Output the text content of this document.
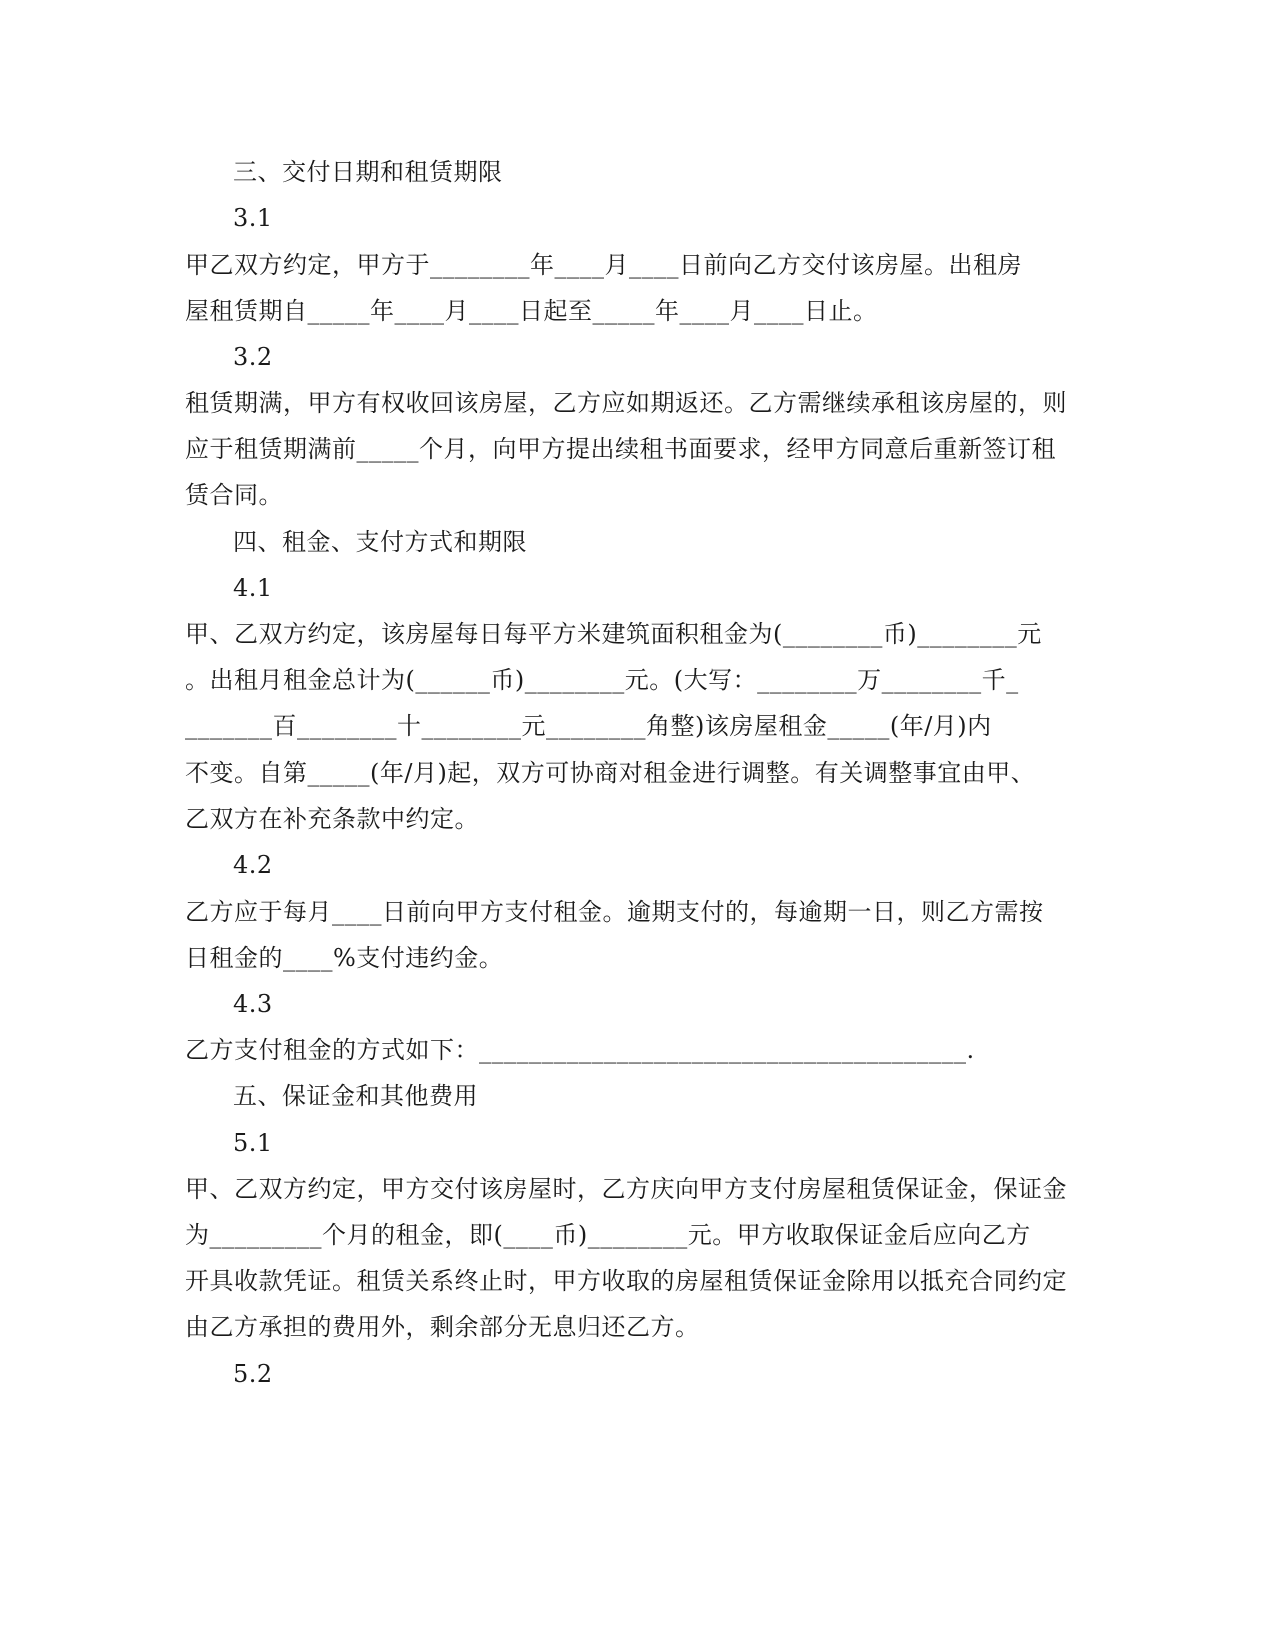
三、交付日期和租赁期限
3.1
甲乙双方约定，甲方于________年____月____日前向乙方交付该房屋。出租房
屋租赁期自_____年____月____日起至_____年____月____日止。
3.2
租赁期满，甲方有权收回该房屋，乙方应如期返还。乙方需继续承租该房屋的，则
应于租赁期满前_____个月，向甲方提出续租书面要求，经甲方同意后重新签订租
赁合同。
四、租金、支付方式和期限
4.1
甲、乙双方约定，该房屋每日每平方米建筑面积租金为(________币)________元
。出租月租金总计为(______币)________元。(大写：________万________千_
_______百________十________元________角整)该房屋租金_____(年/月)内
不变。自第_____(年/月)起，双方可协商对租金进行调整。有关调整事宜由甲、
乙双方在补充条款中约定。
4.2
乙方应于每月____日前向甲方支付租金。逾期支付的，每逾期一日，则乙方需按
日租金的____%支付违约金。
4.3
乙方支付租金的方式如下：_______________________________________.
五、保证金和其他费用
5.1
甲、乙双方约定，甲方交付该房屋时，乙方庆向甲方支付房屋租赁保证金，保证金
为_________个月的租金，即(____币)________元。甲方收取保证金后应向乙方
开具收款凭证。租赁关系终止时，甲方收取的房屋租赁保证金除用以抵充合同约定
由乙方承担的费用外，剩余部分无息归还乙方。
5.2
